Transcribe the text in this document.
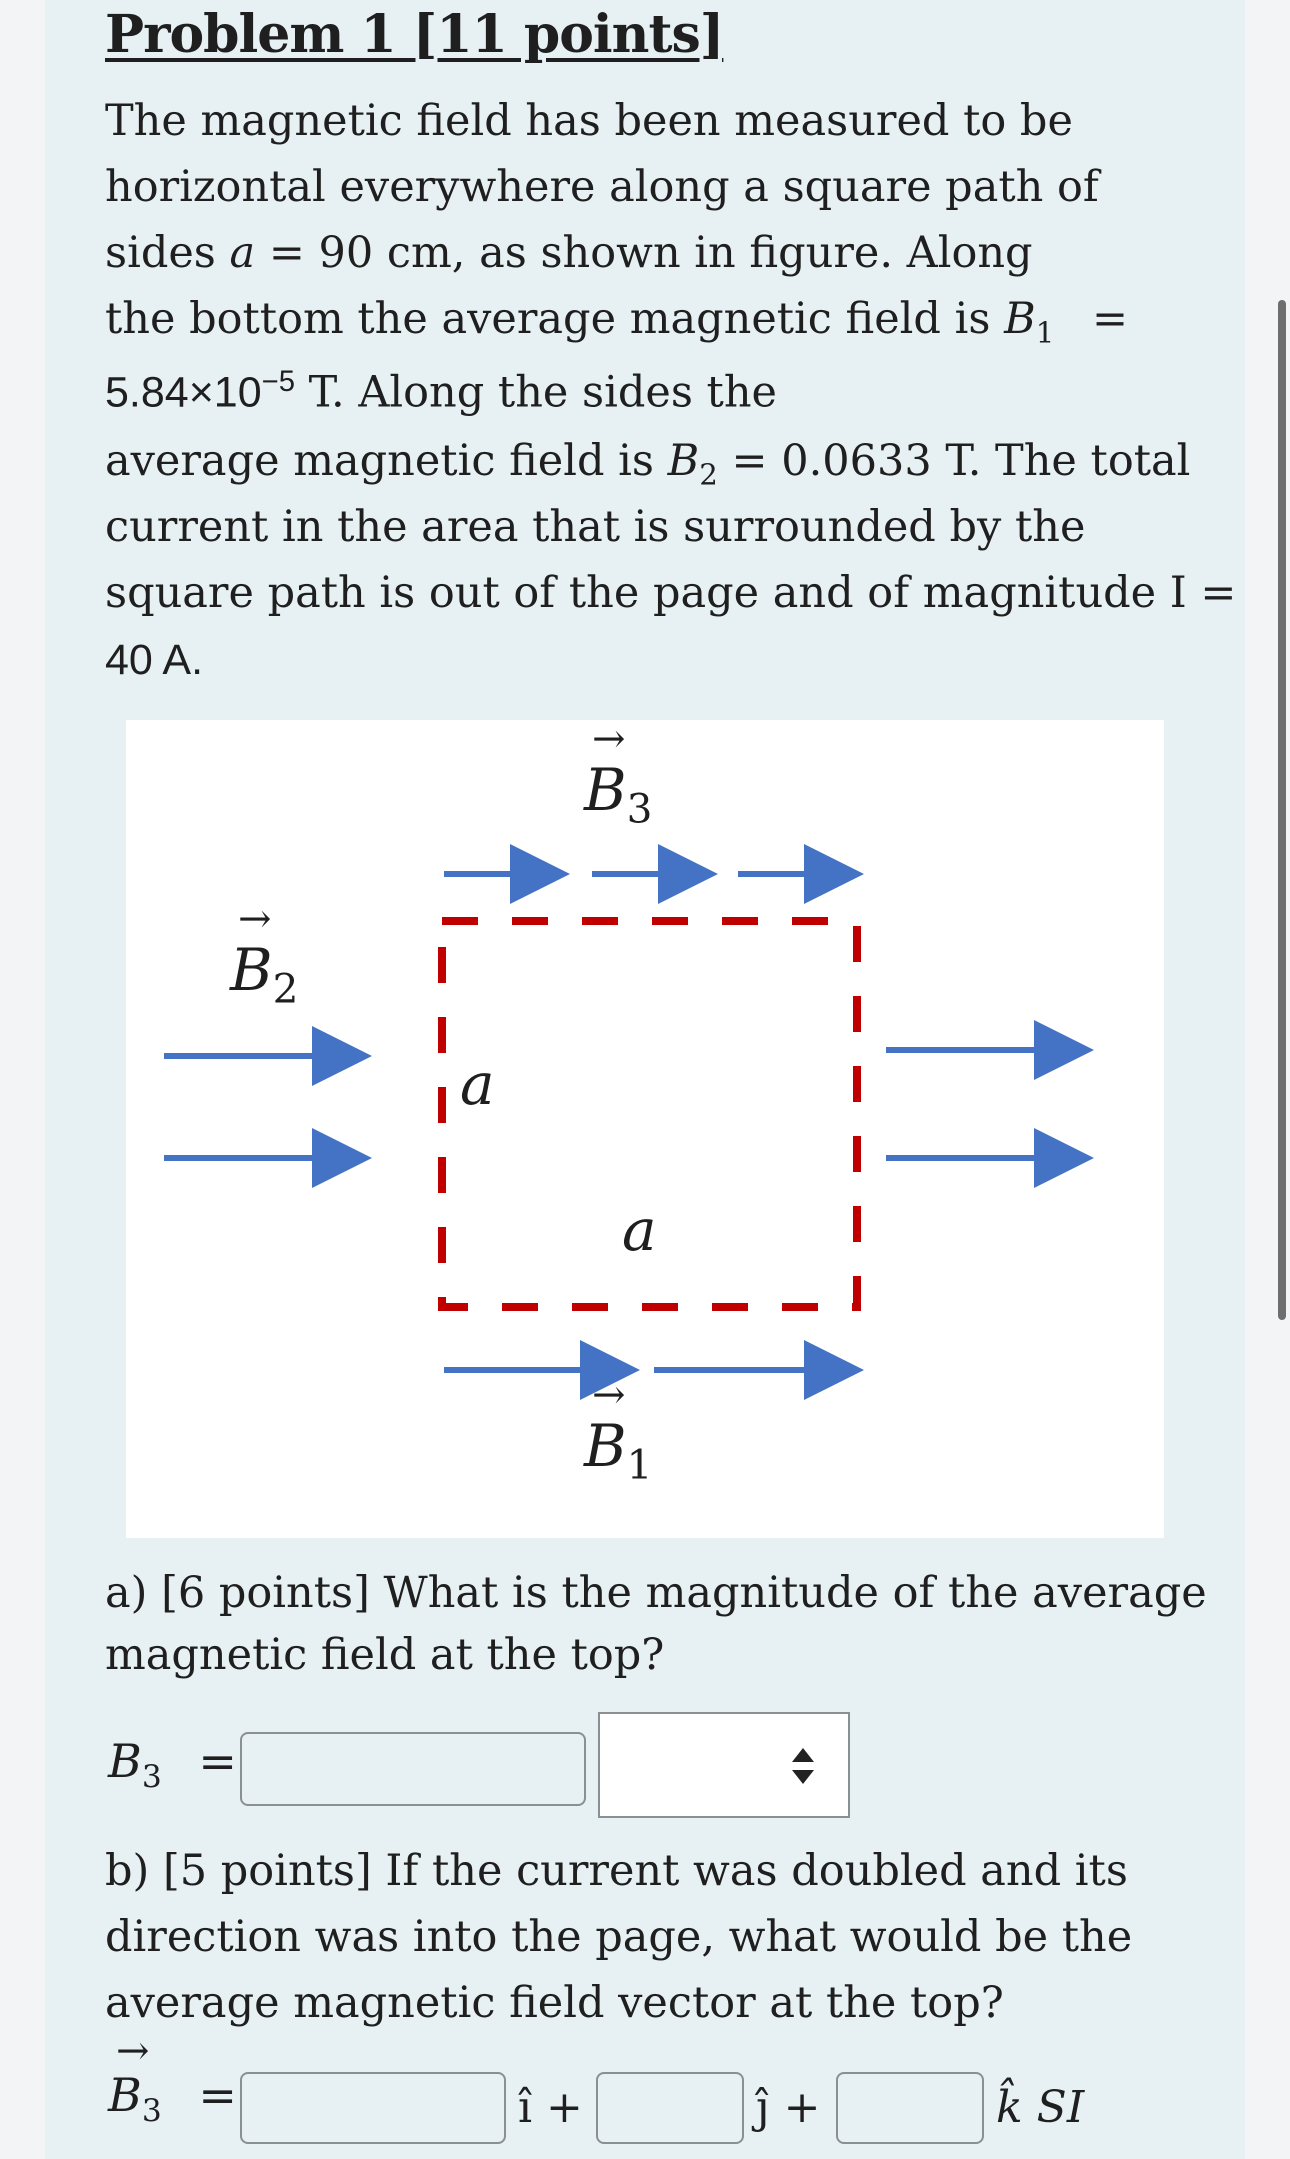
Problem 1 [11 points]
The magnetic field has been measured to be
horizontal everywhere along a square path of
sides a = 90 cm, as shown in figure. Along
the bottom the average magnetic field is $B_1$ =
$5.84\times 10^{-5}$ T. Along the sides the
average magnetic field is $B_2 = 0.0633$ T. The total
current in the area that is surrounded by the
square path is out of the page and of magnitude I =
40 A.
→ $B_3$
→ $B_2$
a
a
→ $B_1$
a) [6 points] What is the magnitude of the average
magnetic field at the top?
$B_3$ =
b) [5 points] If the current was doubled and its
direction was into the page, what would be the
average magnetic field vector at the top?
→ $B_3$ =	î +	ĵ +	k̂ SI
